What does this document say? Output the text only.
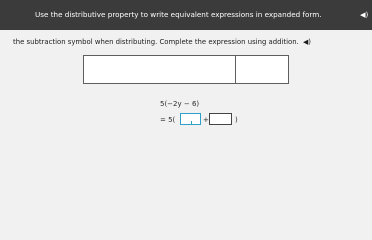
Use the distributive property to write equivalent expressions in expanded form.	◀)
the subtraction symbol when distributing. Complete the expression using addition. ◀)
5(−2y − 6)
= 5(	+	)
